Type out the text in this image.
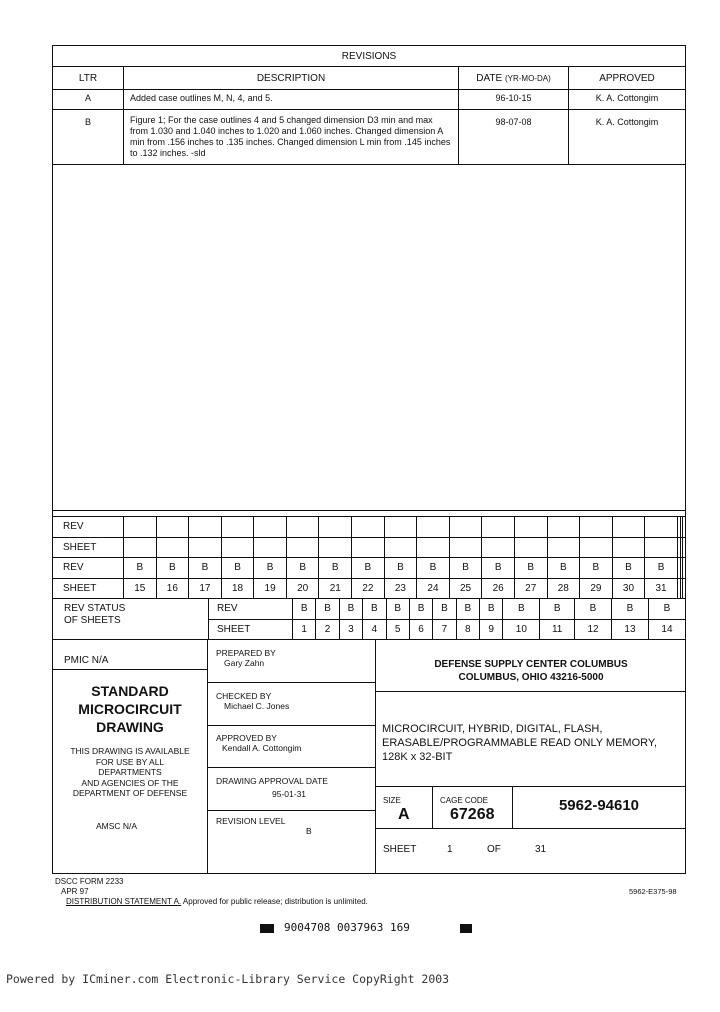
REVISIONS			
LTR	DESCRIPTION	DATE (YR-MO-DA)	APPROVED
A	Added case outlines M, N, 4, and 5.	96-10-15	K. A. Cottongim
B	Figure 1; For the case outlines 4 and 5 changed dimension D3 min and max from 1.030 and 1.040 inches to 1.020 and 1.060 inches. Changed dimension A min from .156 inches to .135 inches. Changed dimension L min from .145 inches to .132 inches. -sld	98-07-08	K. A. Cottongim

REV																				
SHEET																				
REV	B	B	B	B	B	B	B	B	B	B	B	B	B	B	B	B	B			
SHEET	15	16	17	18	19	20	21	22	23	24	25	26	27	28	29	30	31			
REV STATUS
OF SHEETS
REV	B	B	B	B	B	B	B	B	B	B	B	B	B	B
SHEET	1	2	3	4	5	6	7	8	9	10	11	12	13	14
PMIC N/A
STANDARD
MICROCIRCUIT
DRAWING
THIS DRAWING IS AVAILABLE
FOR USE BY ALL
DEPARTMENTS
AND AGENCIES OF THE
DEPARTMENT OF DEFENSE
AMSC N/A
PREPARED BY
Gary Zahn
CHECKED BY
Michael C. Jones
APPROVED BY
Kendall A. Cottongim
DRAWING APPROVAL DATE
95-01-31
REVISION LEVEL
B
DEFENSE SUPPLY CENTER COLUMBUS
COLUMBUS, OHIO 43216-5000
MICROCIRCUIT, HYBRID, DIGITAL, FLASH,
ERASABLE/PROGRAMMABLE READ ONLY MEMORY,
128K x 32-BIT
SIZE
A
CAGE CODE
67268
5962-94610
SHEET	1	OF	31
DSCC FORM 2233
APR 97
DISTRIBUTION STATEMENT A. Approved for public release; distribution is unlimited.
5962-E375-98
9004708 0037963 169
Powered by ICminer.com Electronic-Library Service CopyRight 2003
